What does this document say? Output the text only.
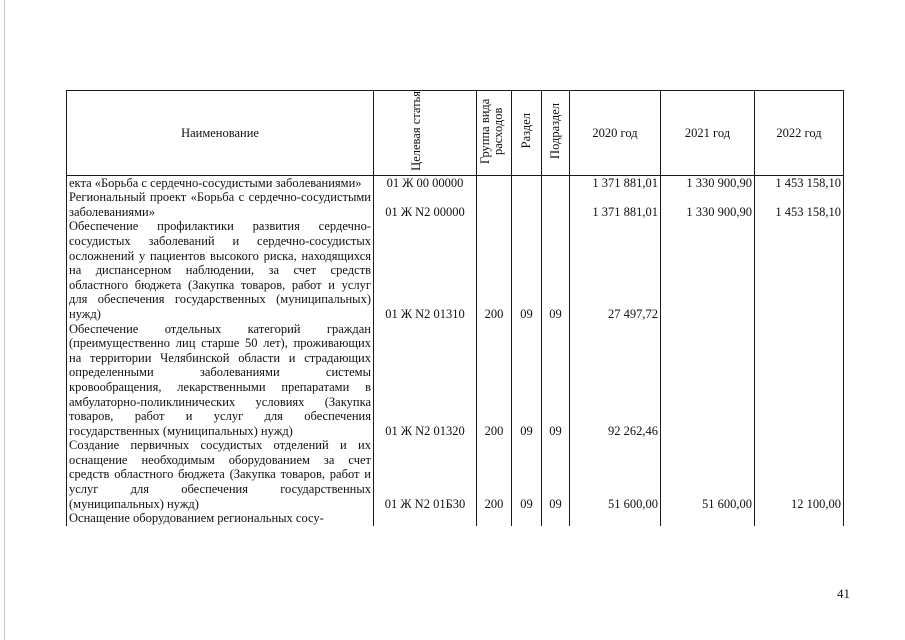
Наименование	Целевая статья	Группа вида расходов	Раздел	Подраздел	2020 год	2021 год	2022 год
екта «Борьба с сердечно-сосудистыми заболеваниями»	01 Ж 00 00000				1 371 881,01	1 330 900,90	1 453 158,10
Региональный проект «Борьба с сердечно-сосудистыми заболеваниями»	01 Ж N2 00000				1 371 881,01	1 330 900,90	1 453 158,10
Обеспечение профилактики развития сердечно-сосудистых заболеваний и сердечно-сосудистых осложнений у пациентов высокого риска, находящихся на диспансерном наблюдении, за счет средств областного бюджета (Закупка товаров, работ и услуг для обеспечения государственных (муниципальных) нужд)	01 Ж N2 01310	200	09	09	27 497,72		
Обеспечение отдельных категорий граждан (преимущественно лиц старше 50 лет), проживающих на территории Челябинской области и страдающих определенными заболеваниями системы кровообращения, лекарственными препаратами в амбулаторно-поликлинических условиях (Закупка товаров, работ и услуг для обеспечения государственных (муниципальных) нужд)	01 Ж N2 01320	200	09	09	92 262,46		
Создание первичных сосудистых отделений и их оснащение необходимым оборудованием за счет средств областного бюджета (Закупка товаров, работ и услуг для обеспечения государственных (муниципальных) нужд)	01 Ж N2 01Б30	200	09	09	51 600,00	51 600,00	12 100,00
Оснащение оборудованием региональных сосу-							
41
